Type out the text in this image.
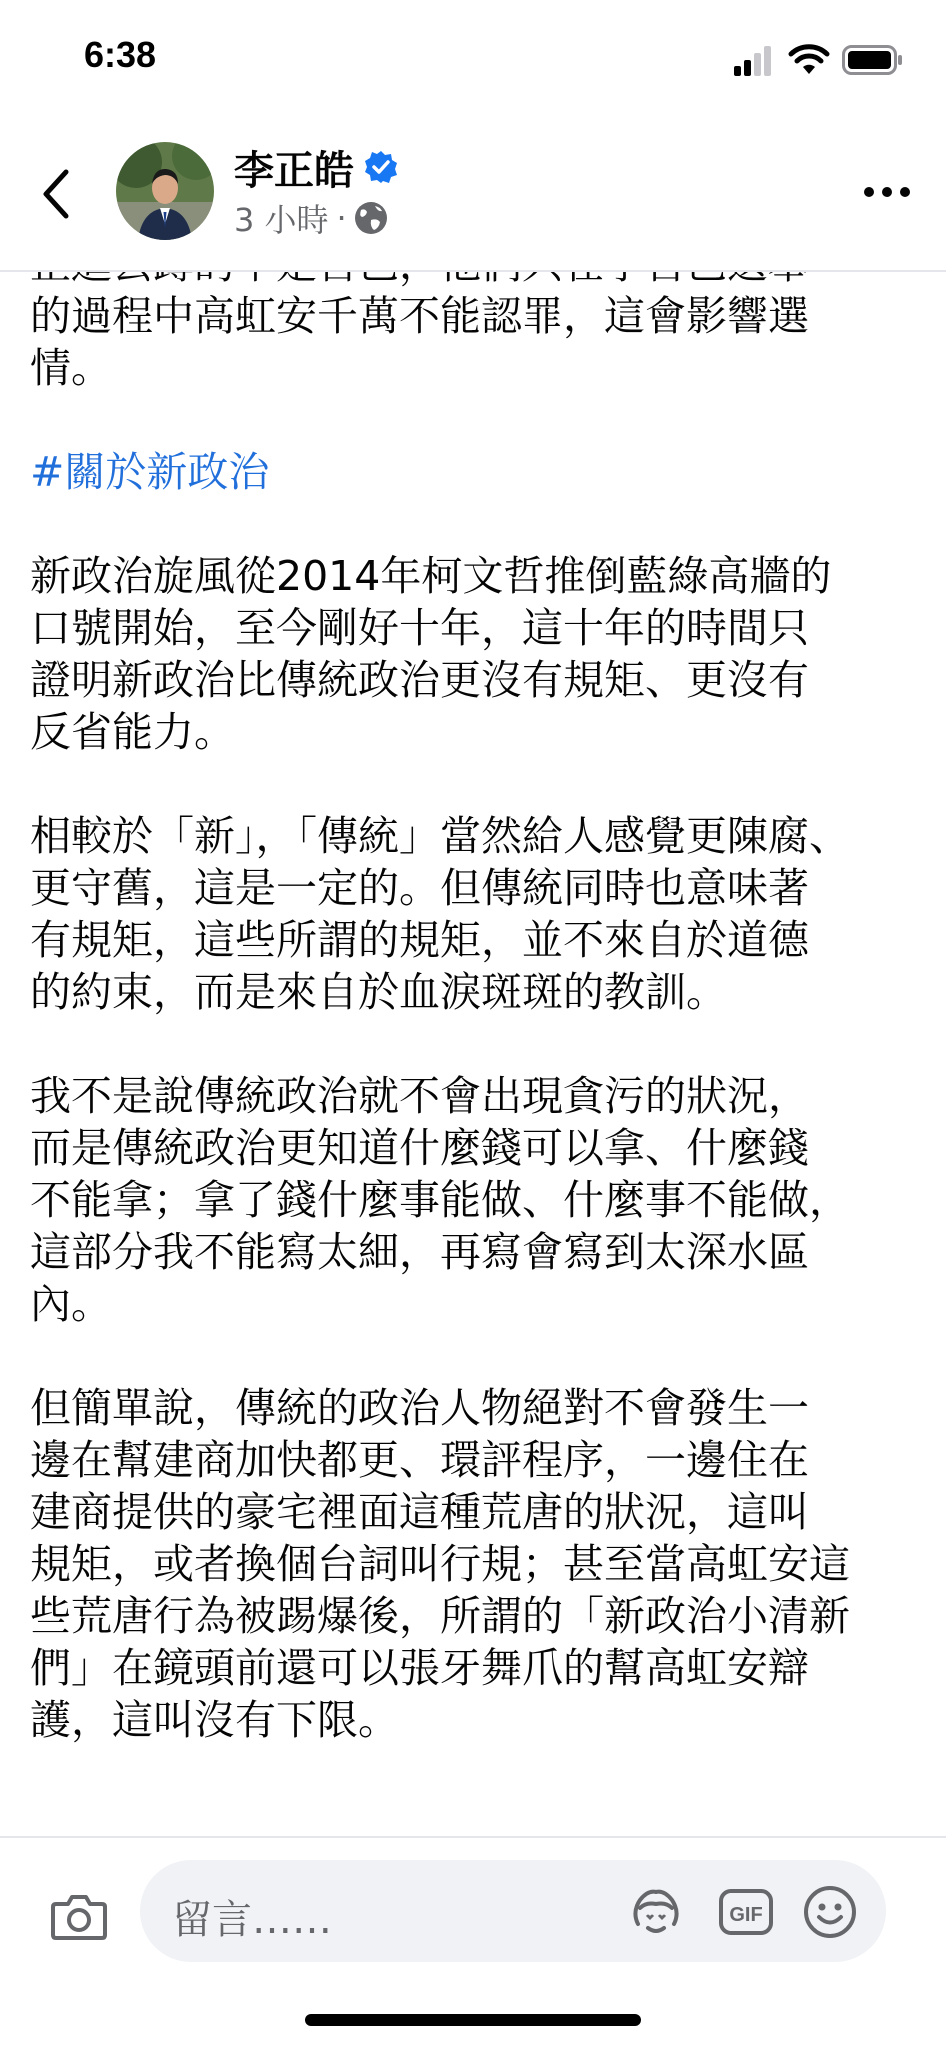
6:38

的過程中高虹安千萬不能認罪，這會影響選

情。

#關於新政治

新政治旋風從2014年柯文哲推倒藍綠高牆的

口號開始，至今剛好十年，這十年的時間只

證明新政治比傳統政治更沒有規矩、更沒有

反省能力。

相較於「新」，「傳統」當然給人感覺更陳腐、

更守舊，這是一定的。但傳統同時也意味著

有規矩，這些所謂的規矩，並不來自於道德

的約束，而是來自於血淚斑斑的教訓。

我不是說傳統政治就不會出現貪污的狀況，

而是傳統政治更知道什麼錢可以拿、什麼錢

不能拿；拿了錢什麼事能做、什麼事不能做，

這部分我不能寫太細，再寫會寫到太深水區

內。

但簡單說，傳統的政治人物絕對不會發生一

邊在幫建商加快都更、環評程序，一邊住在

建商提供的豪宅裡面這種荒唐的狀況，這叫

規矩，或者換個台詞叫行規；甚至當高虹安這

些荒唐行為被踢爆後，所謂的「新政治小清新

們」在鏡頭前還可以張牙舞爪的幫高虹安辯

護，這叫沒有下限。

李正皓
3 小時 ·
留言……	GIF
